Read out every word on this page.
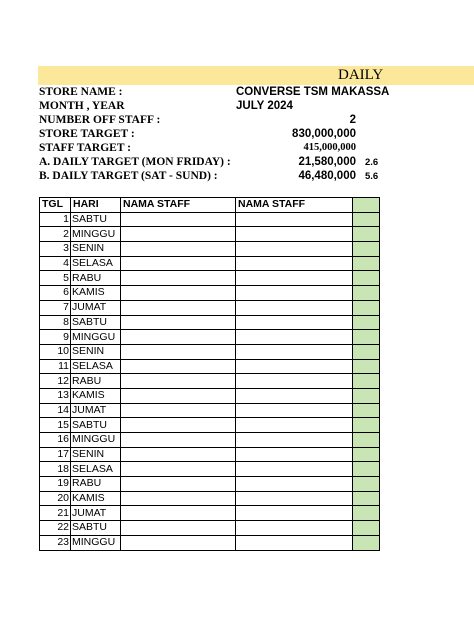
DAILY
STORE NAME :	CONVERSE TSM MAKASSA
MONTH , YEAR	JULY 2024
NUMBER OFF STAFF :	2
STORE TARGET :	830,000,000
STAFF TARGET :	415,000,000
A. DAILY TARGET (MON FRIDAY) :	21,580,000 2.6
B. DAILY TARGET (SAT - SUND) :	46,480,000 5.6
TGL	HARI	NAMA STAFF	NAMA STAFF	
1	SABTU			
2	MINGGU			
3	SENIN			
4	SELASA			
5	RABU			
6	KAMIS			
7	JUMAT			
8	SABTU			
9	MINGGU			
10	SENIN			
11	SELASA			
12	RABU			
13	KAMIS			
14	JUMAT			
15	SABTU			
16	MINGGU			
17	SENIN			
18	SELASA			
19	RABU			
20	KAMIS			
21	JUMAT			
22	SABTU			
23	MINGGU			
